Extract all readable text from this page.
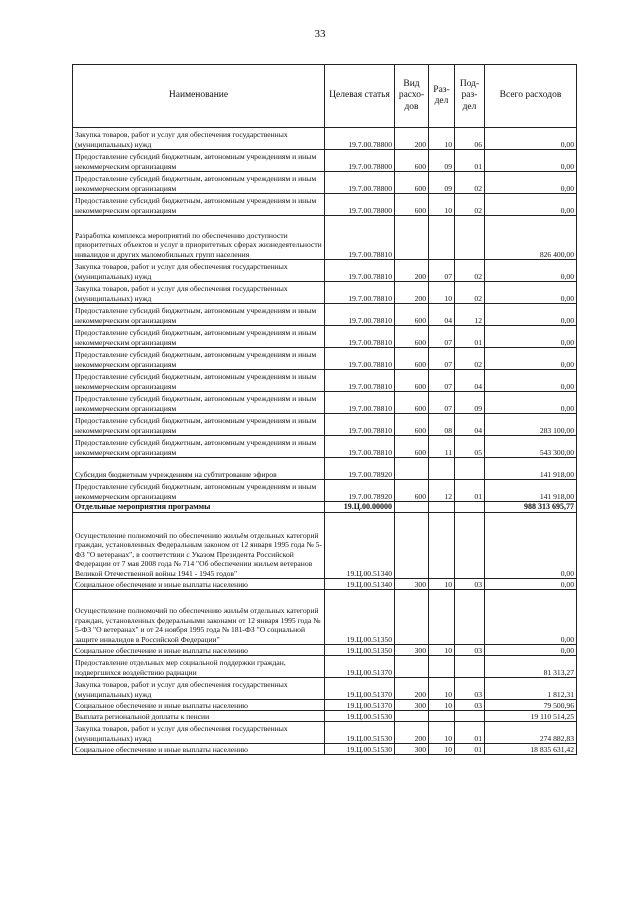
33
Наименование	Целевая статья	Вид расхо- дов	Раз- дел	Под- раз- дел	Всего расходов
Закупка товаров, работ и услуг для обеспечения государственных (муниципальных) нужд	19.7.00.78800	200	10	06	0,00
Предоставление субсидий бюджетным, автономным учреждениям и иным некоммерческим организациям	19.7.00.78800	600	09	01	0,00
Предоставление субсидий бюджетным, автономным учреждениям и иным некоммерческим организациям	19.7.00.78800	600	09	02	0,00
Предоставление субсидий бюджетным, автономным учреждениям и иным некоммерческим организациям	19.7.00.78800	600	10	02	0,00
Разработка комплекса мероприятий по обеспечению доступности приоритетных объектов и услуг в приоритетных сферах жизнедеятельности инвалидов и других маломобильных групп населения	19.7.00.78810				826 400,00
Закупка товаров, работ и услуг для обеспечения государственных (муниципальных) нужд	19.7.00.78810	200	07	02	0,00
Закупка товаров, работ и услуг для обеспечения государственных (муниципальных) нужд	19.7.00.78810	200	10	02	0,00
Предоставление субсидий бюджетным, автономным учреждениям и иным некоммерческим организациям	19.7.00.78810	600	04	12	0,00
Предоставление субсидий бюджетным, автономным учреждениям и иным некоммерческим организациям	19.7.00.78810	600	07	01	0,00
Предоставление субсидий бюджетным, автономным учреждениям и иным некоммерческим организациям	19.7.00.78810	600	07	02	0,00
Предоставление субсидий бюджетным, автономным учреждениям и иным некоммерческим организациям	19.7.00.78810	600	07	04	0,00
Предоставление субсидий бюджетным, автономным учреждениям и иным некоммерческим организациям	19.7.00.78810	600	07	09	0,00
Предоставление субсидий бюджетным, автономным учреждениям и иным некоммерческим организациям	19.7.00.78810	600	08	04	283 100,00
Предоставление субсидий бюджетным, автономным учреждениям и иным некоммерческим организациям	19.7.00.78810	600	11	05	543 300,00
Субсидия бюджетным учреждениям на субтитрование эфиров	19.7.00.78920				141 918,00
Предоставление субсидий бюджетным, автономным учреждениям и иным некоммерческим организациям	19.7.00.78920	600	12	01	141 918,00
Отдельные мероприятия программы	19.Ц.00.00000				988 313 695,77
Осуществление полномочий по обеспечению жильём отдельных категорий граждан, установленных Федеральным законом от 12 января 1995 года № 5-ФЗ "О ветеранах", в соответствии с Указом Президента Российской Федерации от 7 мая 2008 года № 714 "Об обеспечении жильем ветеранов Великой Отечественной войны 1941 - 1945 годов"	19.Ц.00.51340				0,00
Социальное обеспечение и иные выплаты населению	19.Ц.00.51340	300	10	03	0,00
Осуществление полномочий по обеспечению жильём отдельных категорий граждан, установленных федеральными законами от 12 января 1995 года № 5-ФЗ "О ветеранах" и от 24 ноября 1995 года № 181-ФЗ "О социальной защите инвалидов в Российской Федерации"	19.Ц.00.51350				0,00
Социальное обеспечение и иные выплаты населению	19.Ц.00.51350	300	10	03	0,00
Предоставление отдельных мер социальной поддержки граждан, подвергшихся воздействию радиации	19.Ц.00.51370				81 313,27
Закупка товаров, работ и услуг для обеспечения государственных (муниципальных) нужд	19.Ц.00.51370	200	10	03	1 812,31
Социальное обеспечение и иные выплаты населению	19.Ц.00.51370	300	10	03	79 500,96
Выплата региональной доплаты к пенсии	19.Ц.00.51530				19 110 514,25
Закупка товаров, работ и услуг для обеспечения государственных (муниципальных) нужд	19.Ц.00.51530	200	10	01	274 882,83
Социальное обеспечение и иные выплаты населению	19.Ц.00.51530	300	10	01	18 835 631,42
